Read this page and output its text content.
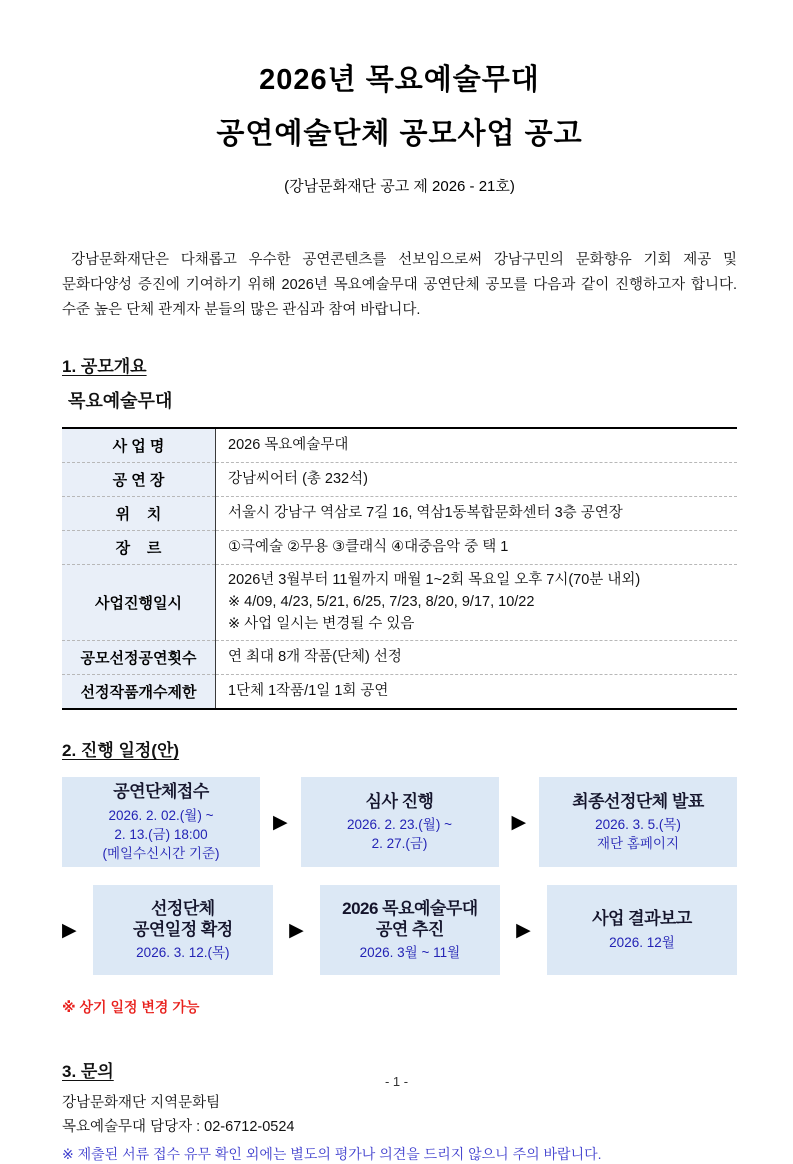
2026년 목요예술무대
공연예술단체 공모사업 공고
(강남문화재단 공고 제 2026 - 21호)

강남문화재단은 다채롭고 우수한 공연콘텐츠를 선보임으로써 강남구민의 문화향유 기회 제공 및 문화다양성 증진에 기여하기 위해 2026년 목요예술무대 공연단체 공모를 다음과 같이 진행하고자 합니다. 수준 높은 단체 관계자 분들의 많은 관심과 참여 바랍니다.

1. 공모개요
목요예술무대
사 업 명	2026 목요예술무대
공 연 장	강남씨어터 (총 232석)
위    치	서울시 강남구 역삼로 7길 16, 역삼1동복합문화센터 3층 공연장
장    르	①극예술 ②무용 ③클래식 ④대중음악 중 택 1
사업진행일시	2026년 3월부터 11월까지 매월 1~2회 목요일 오후 7시(70분 내외)
※ 4/09, 4/23, 5/21, 6/25, 7/23, 8/20, 9/17, 10/22
※ 사업 일시는 변경될 수 있음

공모선정공연횟수	연 최대 8개 작품(단체) 선정
선정작품개수제한	1단체 1작품/1일 1회 공연
2. 진행 일정(안)
공연단체접수
2026. 2. 02.(월) ~
2. 13.(금) 18:00
(메일수신시간 기준)
▶
심사 진행
2026. 2. 23.(월) ~
2. 27.(금)
▶
최종선정단체 발표
2026. 3. 5.(목)
재단 홈페이지
▶
선정단체
공연일정 확정
2026. 3. 12.(목)
▶
2026 목요예술무대
공연 추진
2026. 3월 ~ 11월
▶
사업 결과보고
2026. 12월
※ 상기 일정 변경 가능
3. 문의
강남문화재단 지역문화팀
목요예술무대 담당자 : 02-6712-0524
※ 제출된 서류 접수 유무 확인 외에는 별도의 평가나 의견을 드리지 않으니 주의 바랍니다.
- 1 -
